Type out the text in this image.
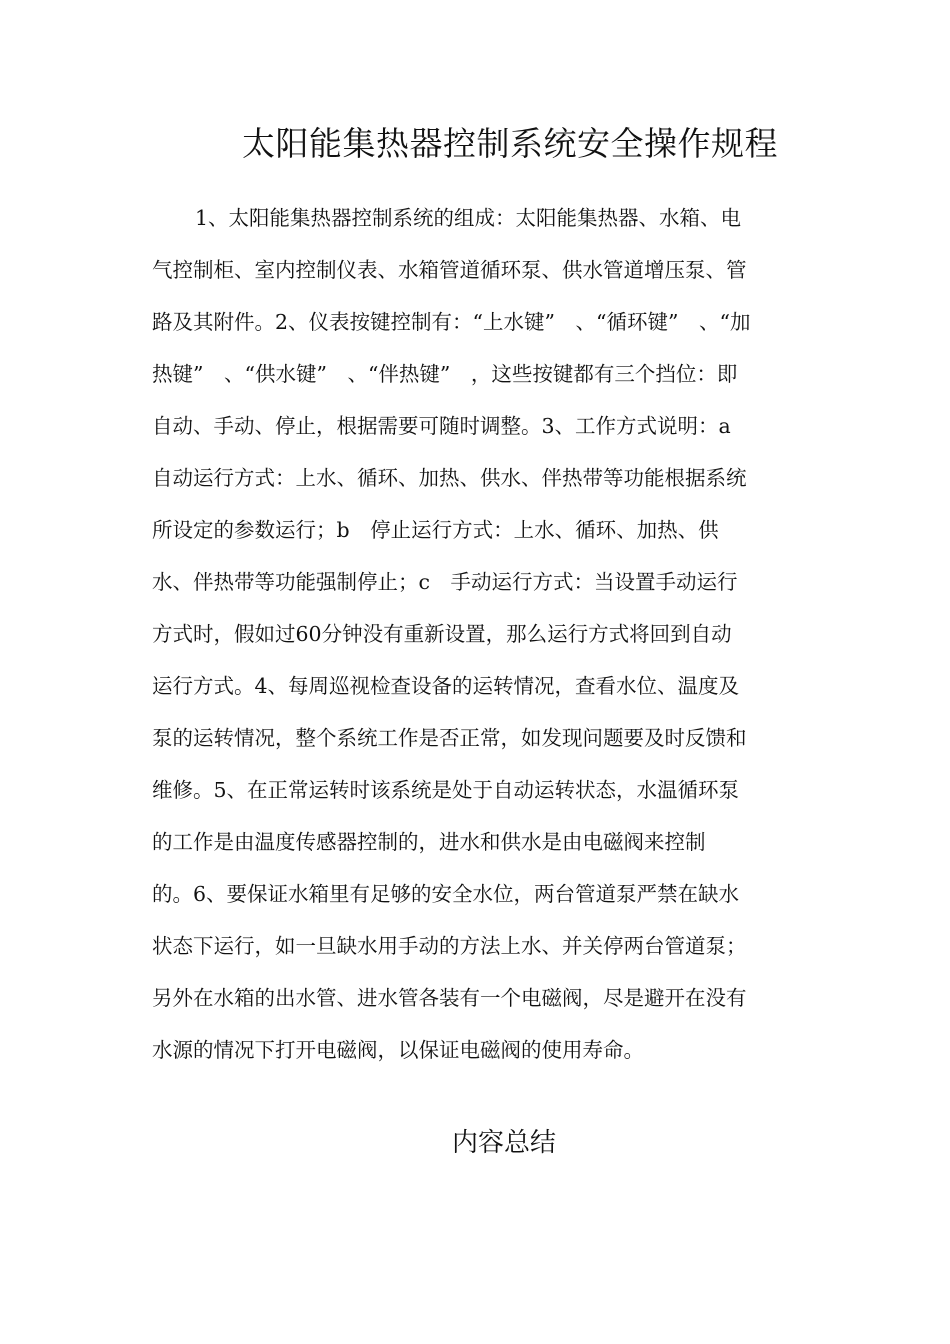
太阳能集热器控制系统安全操作规程
1、太阳能集热器控制系统的组成：太阳能集热器、水箱、电
气控制柜、室内控制仪表、水箱管道循环泵、供水管道增压泵、管
路及其附件。2、仪表按键控制有：“上水键”　、“循环键”　、“加
热键”　、“供水键”　、“伴热键”　，这些按键都有三个挡位：即
自动、手动、停止，根据需要可随时调整。3、工作方式说明：a
自动运行方式：上水、循环、加热、供水、伴热带等功能根据系统
所设定的参数运行；b　停止运行方式：上水、循环、加热、供
水、伴热带等功能强制停止；c　手动运行方式：当设置手动运行
方式时，假如过60分钟没有重新设置，那么运行方式将回到自动
运行方式。4、每周巡视检查设备的运转情况，查看水位、温度及
泵的运转情况，整个系统工作是否正常，如发现问题要及时反馈和
维修。5、在正常运转时该系统是处于自动运转状态，水温循环泵
的工作是由温度传感器控制的，进水和供水是由电磁阀来控制
的。6、要保证水箱里有足够的安全水位，两台管道泵严禁在缺水
状态下运行，如一旦缺水用手动的方法上水、并关停两台管道泵；
另外在水箱的出水管、进水管各装有一个电磁阀，尽是避开在没有
水源的情况下打开电磁阀，以保证电磁阀的使用寿命。
内容总结
